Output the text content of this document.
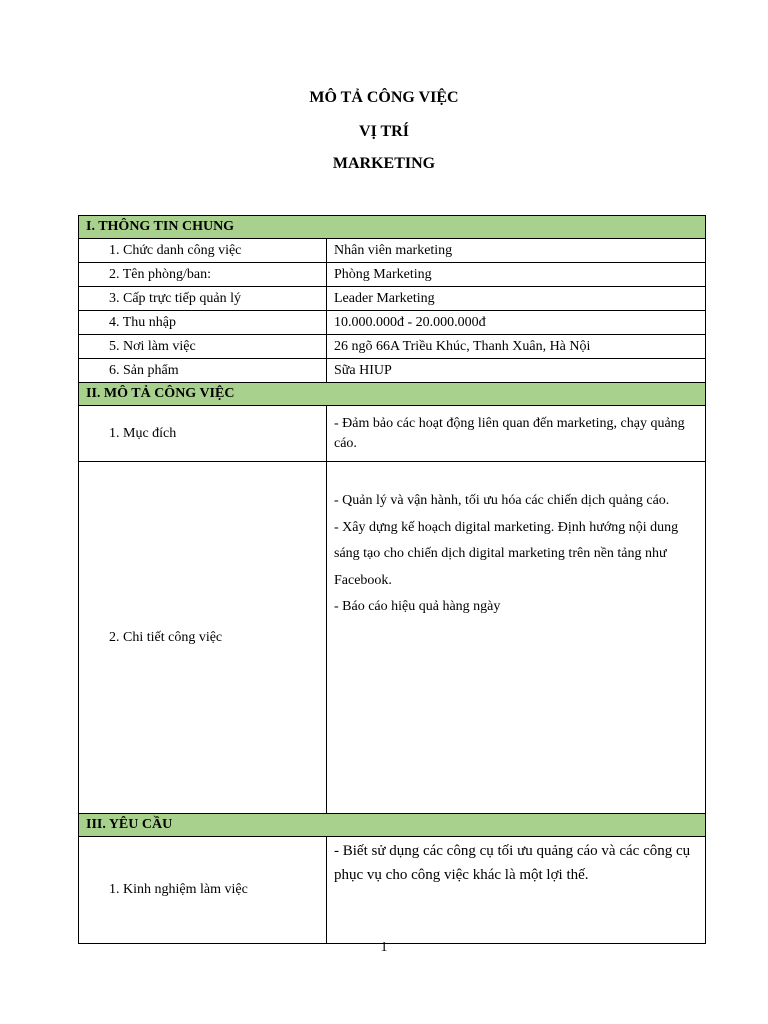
MÔ TẢ CÔNG VIỆC
VỊ TRÍ
MARKETING
I. THÔNG TIN CHUNG	
1. Chức danh công việc	Nhân viên marketing
2. Tên phòng/ban:	Phòng Marketing
3. Cấp trực tiếp quản lý	Leader Marketing
4. Thu nhập	10.000.000đ - 20.000.000đ
5. Nơi làm việc	26 ngõ 66A Triều Khúc, Thanh Xuân, Hà Nội
6. Sản phẩm	Sữa HIUP
II. MÔ TẢ CÔNG VIỆC	
1. Mục đích	- Đảm bảo các hoạt động liên quan đến marketing, chạy quảng cáo.
2. Chi tiết công việc	- Quản lý và vận hành, tối ưu hóa các chiến dịch quảng cáo.
- Xây dựng kế hoạch digital marketing. Định hướng nội dung sáng tạo cho chiến dịch digital marketing trên nền tảng như Facebook.
- Báo cáo hiệu quả hàng ngày

III. YÊU CẦU	
1. Kinh nghiệm làm việc	- Biết sử dụng các công cụ tối ưu quảng cáo và các công cụ phục vụ cho công việc khác là một lợi thế.
1
